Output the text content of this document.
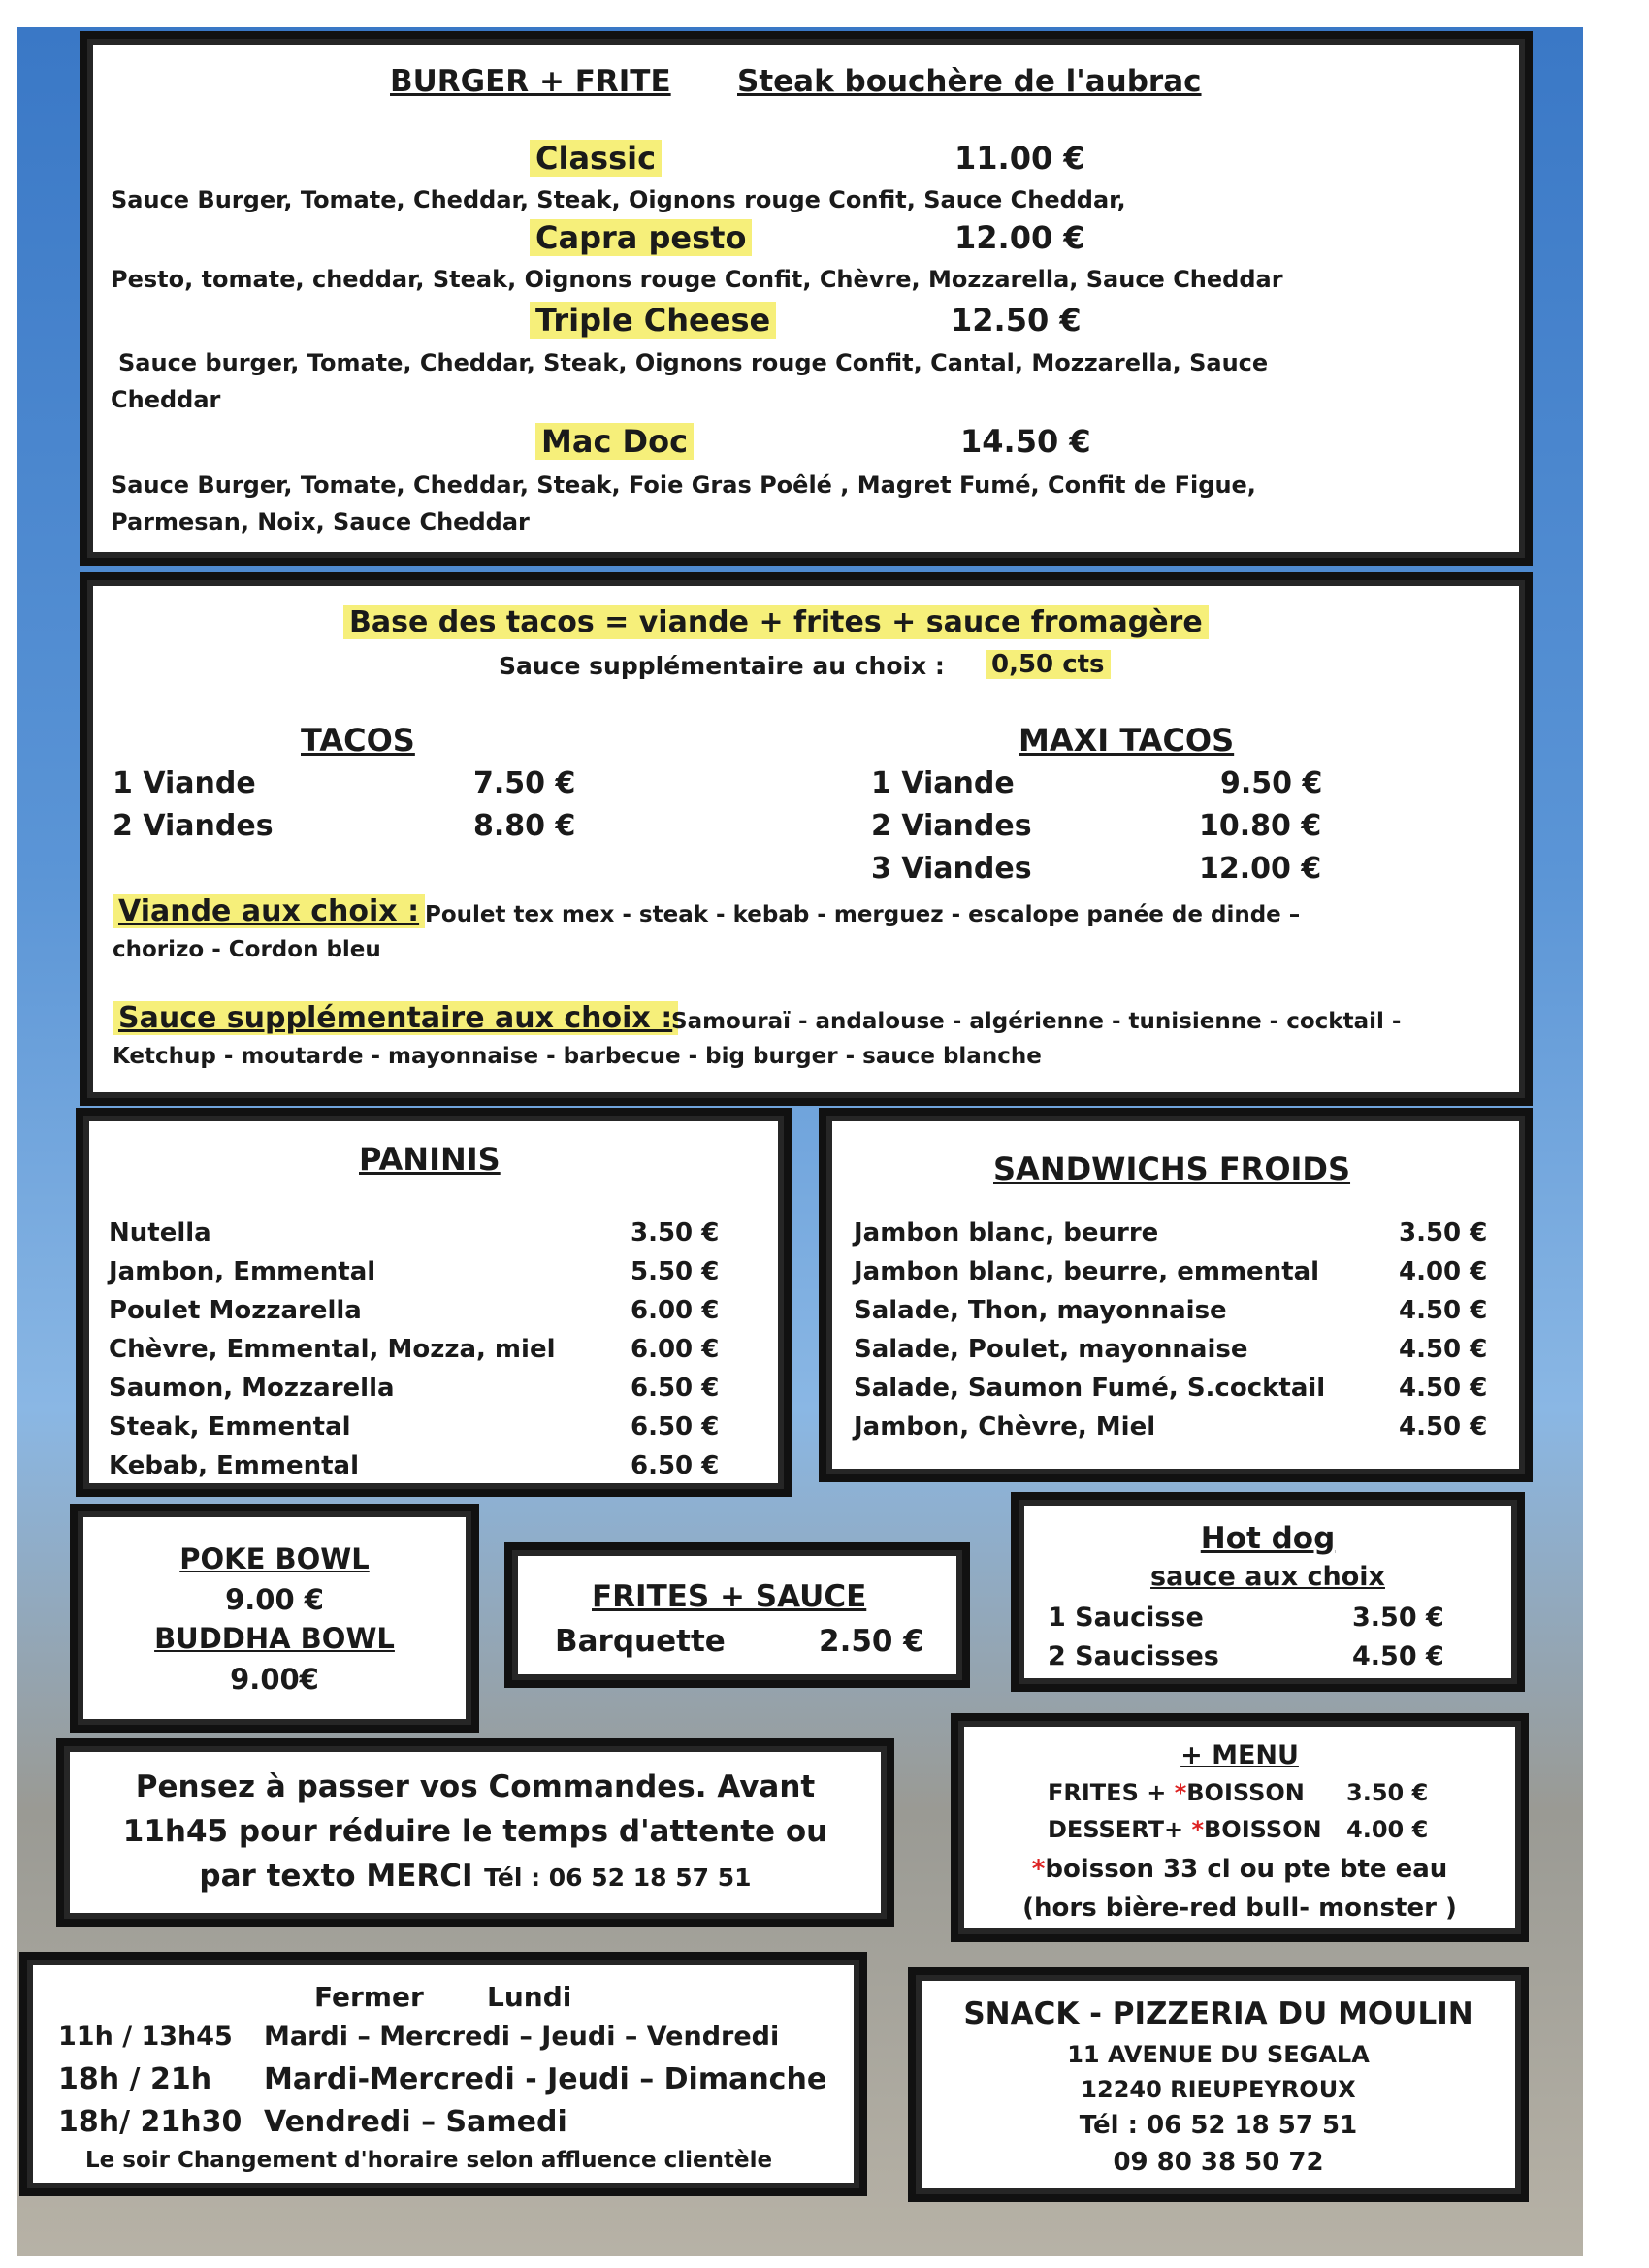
BURGER + FRITE Steak bouchère de l'aubrac
Classic	11.00 €
Sauce Burger, Tomate, Cheddar, Steak, Oignons rouge Confit, Sauce Cheddar,
Capra pesto	12.00 €
Pesto, tomate, cheddar, Steak, Oignons rouge Confit, Chèvre, Mozzarella, Sauce Cheddar
Triple Cheese	12.50 €
Sauce burger, Tomate, Cheddar, Steak, Oignons rouge Confit, Cantal, Mozzarella, Sauce
Cheddar
Mac Doc	14.50 €
Sauce Burger, Tomate, Cheddar, Steak, Foie Gras Poêlé , Magret Fumé, Confit de Figue,
Parmesan, Noix, Sauce Cheddar
Base des tacos = viande + frites + sauce fromagère
Sauce supplémentaire au choix : 0,50 cts
TACOS
1 Viande	7.50 €
2 Viandes	8.80 €
MAXI TACOS
1 Viande	9.50 €
2 Viandes	10.80 €
3 Viandes	12.00 €
Viande aux choix : Poulet tex mex - steak - kebab - merguez - escalope panée de dinde –
chorizo - Cordon bleu
Sauce supplémentaire aux choix :
Samouraï - andalouse - algérienne - tunisienne - cocktail -
Ketchup - moutarde - mayonnaise - barbecue - big burger - sauce blanche
PANINIS
Nutella	3.50 €
Jambon, Emmental	5.50 €
Poulet Mozzarella	6.00 €
Chèvre, Emmental, Mozza, miel	6.00 €
Saumon, Mozzarella	6.50 €
Steak, Emmental	6.50 €
Kebab, Emmental	6.50 €
SANDWICHS FROIDS
Jambon blanc, beurre	3.50 €
Jambon blanc, beurre, emmental	4.00 €
Salade, Thon, mayonnaise	4.50 €
Salade, Poulet, mayonnaise	4.50 €
Salade, Saumon Fumé, S.cocktail	4.50 €
Jambon, Chèvre, Miel	4.50 €
POKE BOWL
9.00 €
BUDDHA BOWL
9.00€
FRITES + SAUCE
Barquette	2.50 €
Hot dog
sauce aux choix
1 Saucisse	3.50 €
2 Saucisses	4.50 €
Pensez à passer vos Commandes. Avant
11h45 pour réduire le temps d'attente ou
par texto MERCI Tél : 06 52 18 57 51
+ MENU
FRITES + *BOISSON 3.50 €
DESSERT+ *BOISSON 4.00 €
*boisson 33 cl ou pte bte eau
(hors bière-red bull- monster )
Fermer Lundi
11h / 13h45 Mardi – Mercredi – Jeudi – Vendredi
18h / 21h Mardi-Mercredi - Jeudi – Dimanche
18h/ 21h30 Vendredi – Samedi
Le soir Changement d'horaire selon affluence clientèle
SNACK - PIZZERIA DU MOULIN
11 AVENUE DU SEGALA
12240 RIEUPEYROUX
Tél : 06 52 18 57 51
09 80 38 50 72
